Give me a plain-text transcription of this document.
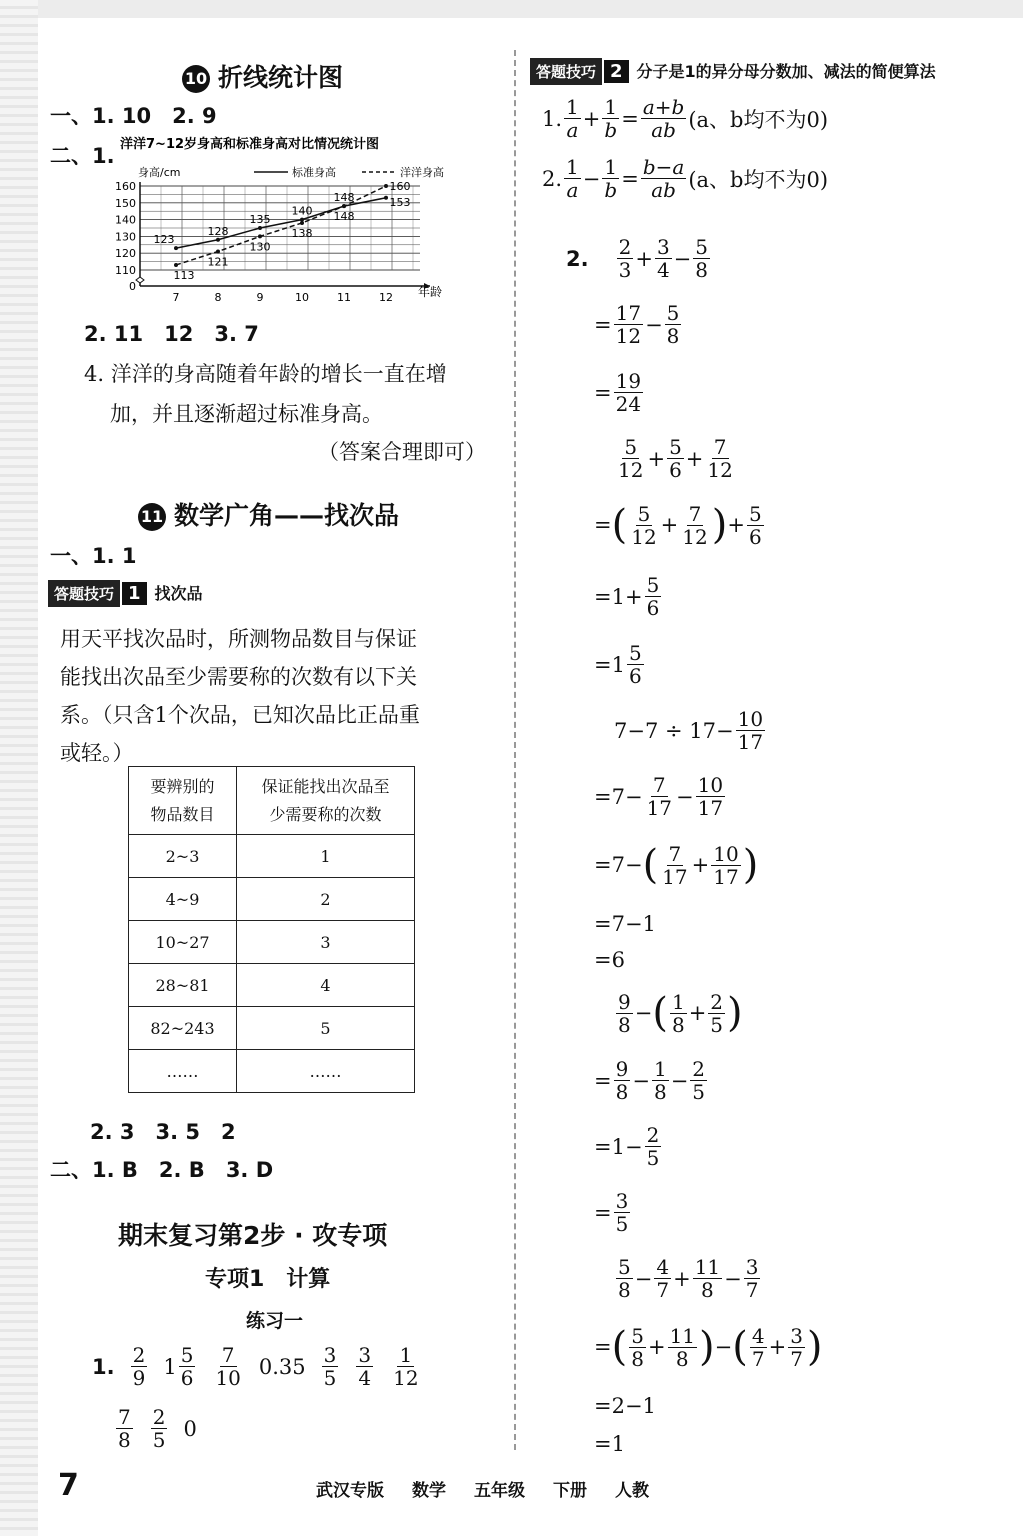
10 折线统计图
一、1. 10　2. 9
二、1. 洋洋7~12岁身高和标准身高对比情况统计图
身高/cm	标准身高	洋洋身高
0
110
120
130
140
150
160
7	8	9	10	11	12
123
128
135
140
148	153
113
121
130
138
148
160
年龄
2. 11　12　3. 7
4. 洋洋的身高随着年龄的增长一直在增
加，并且逐渐超过标准身高。
（答案合理即可）
11 数学广角——找次品
一、1. 1
答题技巧 1 找次品
用天平找次品时，所测物品数目与保证
能找出次品至少需要称的次数有以下关
系。（只含1个次品，已知次品比正品重
或轻。）
要辨别的
物品数目	保证能找出次品至
少需要称的次数
2~3	1
4~9	2
10~27	3
28~81	4
82~243	5
……	……
2. 3　3. 5　2
二、1. B　2. B　3. D
期末复习第2步 · 攻专项
专项1　计算
练习一
1. $\frac{2}{9} 1 \frac{5}{6} \frac{7}{10} 0.35 \frac{3}{5} \frac{3}{4} \frac{1}{12}$
$\frac{7}{8} \frac{2}{5} 0$
答题技巧 2 分子是1的异分母分数加、减法的简便算法
1. $\frac{1}{a} + \frac{1}{b} = \frac{a+b}{ab} (a$、b均不为0)
2. $\frac{1}{a} - \frac{1}{b} = \frac{b-a}{ab} (a$、b均不为0)
2. $\frac{2}{3} + \frac{3}{4} - \frac{5}{8}$
= $\frac{17}{12} - \frac{5}{8}$
= $\frac{19}{24}$
$\frac{5}{12} + \frac{5}{6} + \frac{7}{12}$
= ( $\frac{5}{12} + \frac{7}{12}$ ) + $\frac{5}{6}$
$=1+ \frac{5}{6}$
$=1 \frac{5}{6}$
$7-7 \div 17- \frac{10}{17}$
$=7- \frac{7}{17} - \frac{10}{17}$
=7− ( $\frac{7}{17} + \frac{10}{17}$ )
=7−1
=6
$\frac{9}{8}$ − ( $\frac{1}{8} + \frac{2}{5}$ )
= $\frac{9}{8} - \frac{1}{8} - \frac{2}{5}$
$=1- \frac{2}{5}$
= $\frac{3}{5}$
$\frac{5}{8} - \frac{4}{7} + \frac{11}{8} - \frac{3}{7}$
= ( $\frac{5}{8} + \frac{11}{8}$ ) − ( $\frac{4}{7} + \frac{3}{7}$ )
=2−1
=1
7	武汉专版 数学 五年级 下册 人教
